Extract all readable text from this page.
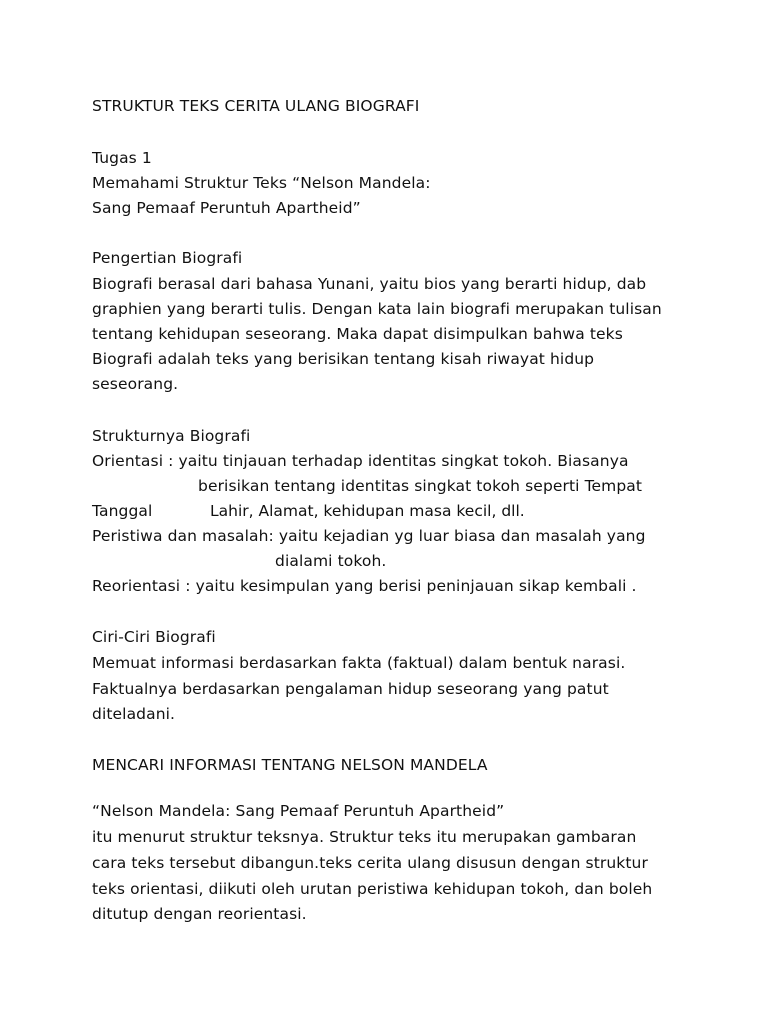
STRUKTUR TEKS CERITA ULANG BIOGRAFI
Tugas 1
Memahami Struktur Teks “Nelson Mandela:
Sang Pemaaf Peruntuh Apartheid”
Pengertian Biografi
Biografi berasal dari bahasa Yunani, yaitu bios yang berarti hidup, dab
graphien yang berarti tulis. Dengan kata lain biografi merupakan tulisan
tentang kehidupan seseorang. Maka dapat disimpulkan bahwa teks
Biografi adalah teks yang berisikan tentang kisah riwayat hidup
seseorang.
Strukturnya Biografi
Orientasi : yaitu tinjauan terhadap identitas singkat tokoh. Biasanya
berisikan tentang identitas singkat tokoh seperti Tempat
Tanggal	Lahir, Alamat, kehidupan masa kecil, dll.
Peristiwa dan masalah: yaitu kejadian yg luar biasa dan masalah yang
dialami tokoh.
Reorientasi : yaitu kesimpulan yang berisi peninjauan sikap kembali .
Ciri-Ciri Biografi
Memuat informasi berdasarkan fakta (faktual) dalam bentuk narasi.
Faktualnya berdasarkan pengalaman hidup seseorang yang patut
diteladani.
MENCARI INFORMASI TENTANG NELSON MANDELA
“Nelson Mandela: Sang Pemaaf Peruntuh Apartheid”
itu menurut struktur teksnya. Struktur teks itu merupakan gambaran
cara teks tersebut dibangun.teks cerita ulang disusun dengan struktur
teks orientasi, diikuti oleh urutan peristiwa kehidupan tokoh, dan boleh
ditutup dengan reorientasi.
